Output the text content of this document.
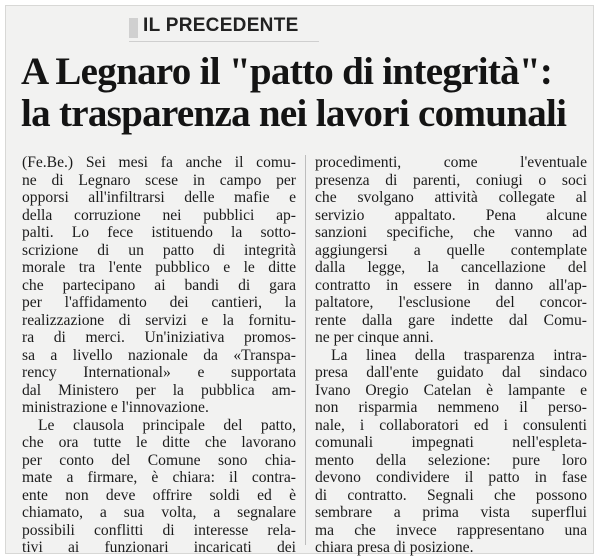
IL PRECEDENTE
A Legnaro il "patto di integrità":
la trasparenza nei lavori comunali
(Fe.Be.) Sei mesi fa anche il comu-
ne di Legnaro scese in campo per
opporsi all'infiltrarsi delle mafie e
della corruzione nei pubblici ap-
palti. Lo fece istituendo la sotto-
scrizione di un patto di integrità
morale tra l'ente pubblico e le ditte
che partecipano ai bandi di gara
per l'affidamento dei cantieri, la
realizzazione di servizi e la fornitu-
ra di merci. Un'iniziativa promos-
sa a livello nazionale da «Transpa-
rency International» e supportata
dal Ministero per la pubblica am-
ministrazione e l'innovazione.
Le clausola principale del patto,
che ora tutte le ditte che lavorano
per conto del Comune sono chia-
mate a firmare, è chiara: il contra-
ente non deve offrire soldi ed è
chiamato, a sua volta, a segnalare
possibili conflitti di interesse rela-
tivi ai funzionari incaricati dei
procedimenti, come l'eventuale
presenza di parenti, coniugi o soci
che svolgano attività collegate al
servizio appaltato. Pena alcune
sanzioni specifiche, che vanno ad
aggiungersi a quelle contemplate
dalla legge, la cancellazione del
contratto in essere in danno all'ap-
paltatore, l'esclusione del concor-
rente dalla gare indette dal Comu-
ne per cinque anni.
La linea della trasparenza intra-
presa dall'ente guidato dal sindaco
Ivano Oregio Catelan è lampante e
non risparmia nemmeno il perso-
nale, i collaboratori ed i consulenti
comunali impegnati nell'espleta-
mento della selezione: pure loro
devono condividere il patto in fase
di contratto. Segnali che possono
sembrare a prima vista superflui
ma che invece rappresentano una
chiara presa di posizione.
